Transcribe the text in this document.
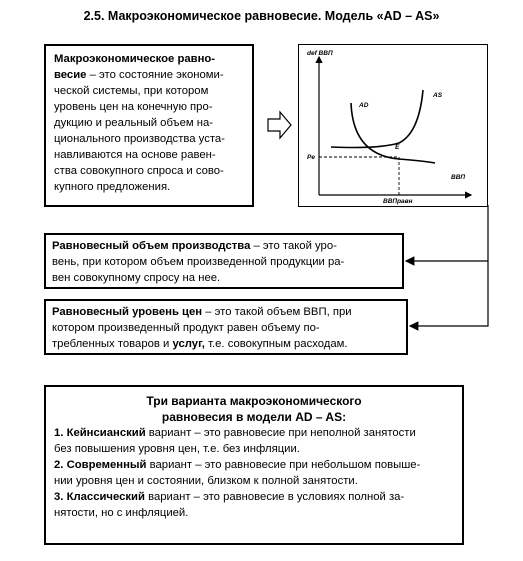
2.5. Макроэкономическое равновесие. Модель «AD – AS»
Макроэкономическое равно-
весие – это состояние экономи-
ческой системы, при котором
уровень цен на конечную про-
дукцию и реальный объем на-
ционального производства уста-
навливаются на основе равен-
ства совокупного спроса и сово-
купного предложения.
def ВВП
ВВП
AD
AS
E
Pe
ВВПравн
Равновесный объем производства – это такой уро-
вень, при котором объем произведенной продукции ра-
вен совокупному спросу на нее.
Равновесный уровень цен – это такой объем ВВП, при
котором произведенный продукт равен объему по-
требленных товаров и услуг, т.е. совокупным расходам.
Три варианта макроэкономического
равновесия в модели AD – AS:

1. Кейнсианский вариант – это равновесие при неполной занятости

без повышения уровня цен, т.е. без инфляции.

2. Современный вариант – это равновесие при небольшом повыше-

нии уровня цен и состоянии, близком к полной занятости.

3. Классический вариант – это равновесие в условиях полной за-

нятости, но с инфляцией.
